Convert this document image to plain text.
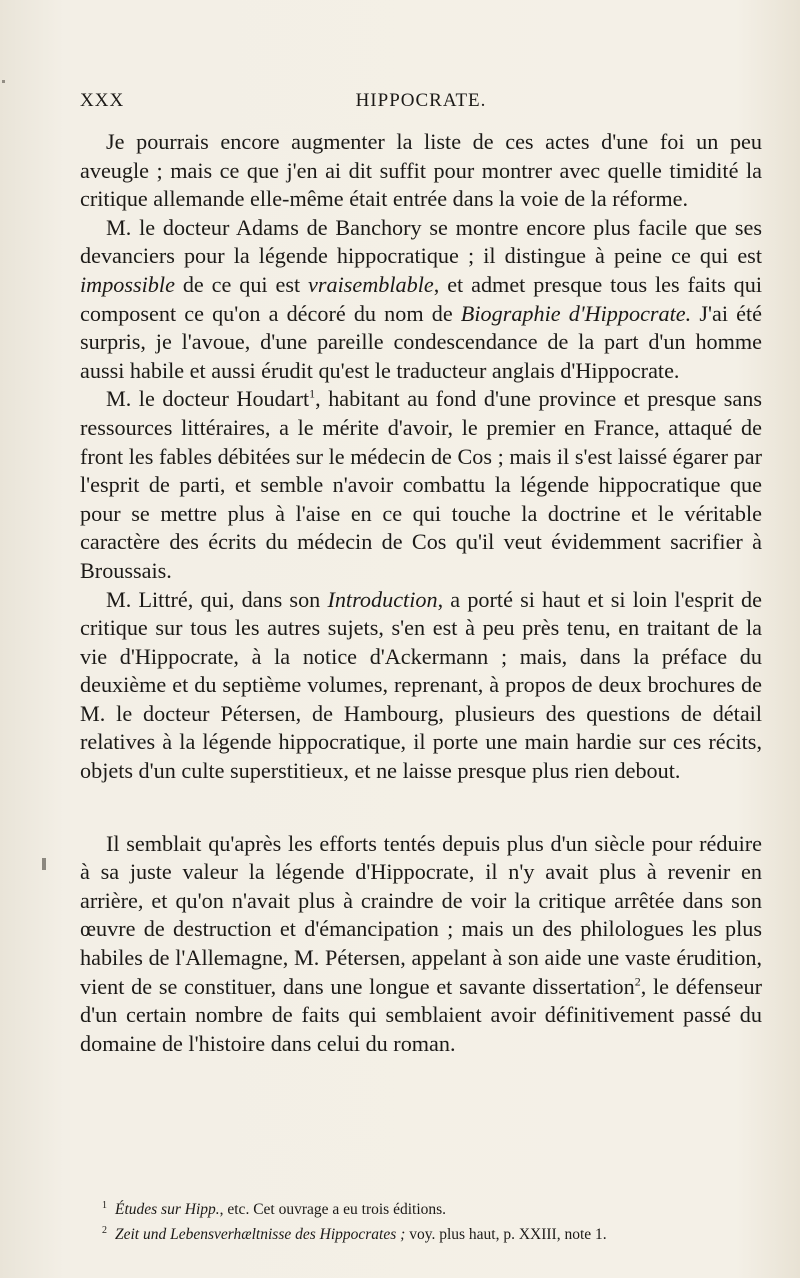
XXX	HIPPOCRATE.

Je pourrais encore augmenter la liste de ces actes d'une foi un peu aveugle ; mais ce que j'en ai dit suffit pour montrer avec quelle timidité la critique allemande elle-même était entrée dans la voie de la réforme.

M. le docteur Adams de Banchory se montre encore plus facile que ses devanciers pour la légende hippocratique ; il distingue à peine ce qui est impossible de ce qui est vraisemblable, et admet presque tous les faits qui composent ce qu'on a décoré du nom de Biographie d'Hippocrate. J'ai été surpris, je l'avoue, d'une pareille condescendance de la part d'un homme aussi habile et aussi érudit qu'est le traducteur anglais d'Hippocrate.

M. le docteur Houdart$^1$, habitant au fond d'une province et presque sans ressources littéraires, a le mérite d'avoir, le premier en France, attaqué de front les fables débitées sur le médecin de Cos ; mais il s'est laissé égarer par l'esprit de parti, et semble n'avoir combattu la légende hippocratique que pour se mettre plus à l'aise en ce qui touche la doctrine et le véritable caractère des écrits du médecin de Cos qu'il veut évidemment sacrifier à Broussais.

M. Littré, qui, dans son Introduction, a porté si haut et si loin l'esprit de critique sur tous les autres sujets, s'en est à peu près tenu, en traitant de la vie d'Hippocrate, à la notice d'Ackermann ; mais, dans la préface du deuxième et du septième volumes, reprenant, à propos de deux brochures de M. le docteur Pétersen, de Hambourg, plusieurs des questions de détail relatives à la légende hippocratique, il porte une main hardie sur ces récits, objets d'un culte superstitieux, et ne laisse presque plus rien debout.

Il semblait qu'après les efforts tentés depuis plus d'un siècle pour réduire à sa juste valeur la légende d'Hippocrate, il n'y avait plus à revenir en arrière, et qu'on n'avait plus à craindre de voir la critique arrêtée dans son œuvre de destruction et d'émancipation ; mais un des philologues les plus habiles de l'Allemagne, M. Pétersen, appelant à son aide une vaste érudition, vient de se constituer, dans une longue et savante dissertation$^2$, le défenseur d'un certain nombre de faits qui semblaient avoir définitivement passé du domaine de l'histoire dans celui du roman.

$^1$ Études sur Hipp., etc. Cet ouvrage a eu trois éditions.

$^2$ Zeit und Lebensverhæltnisse des Hippocrates ; voy. plus haut, p. XXIII, note 1.
